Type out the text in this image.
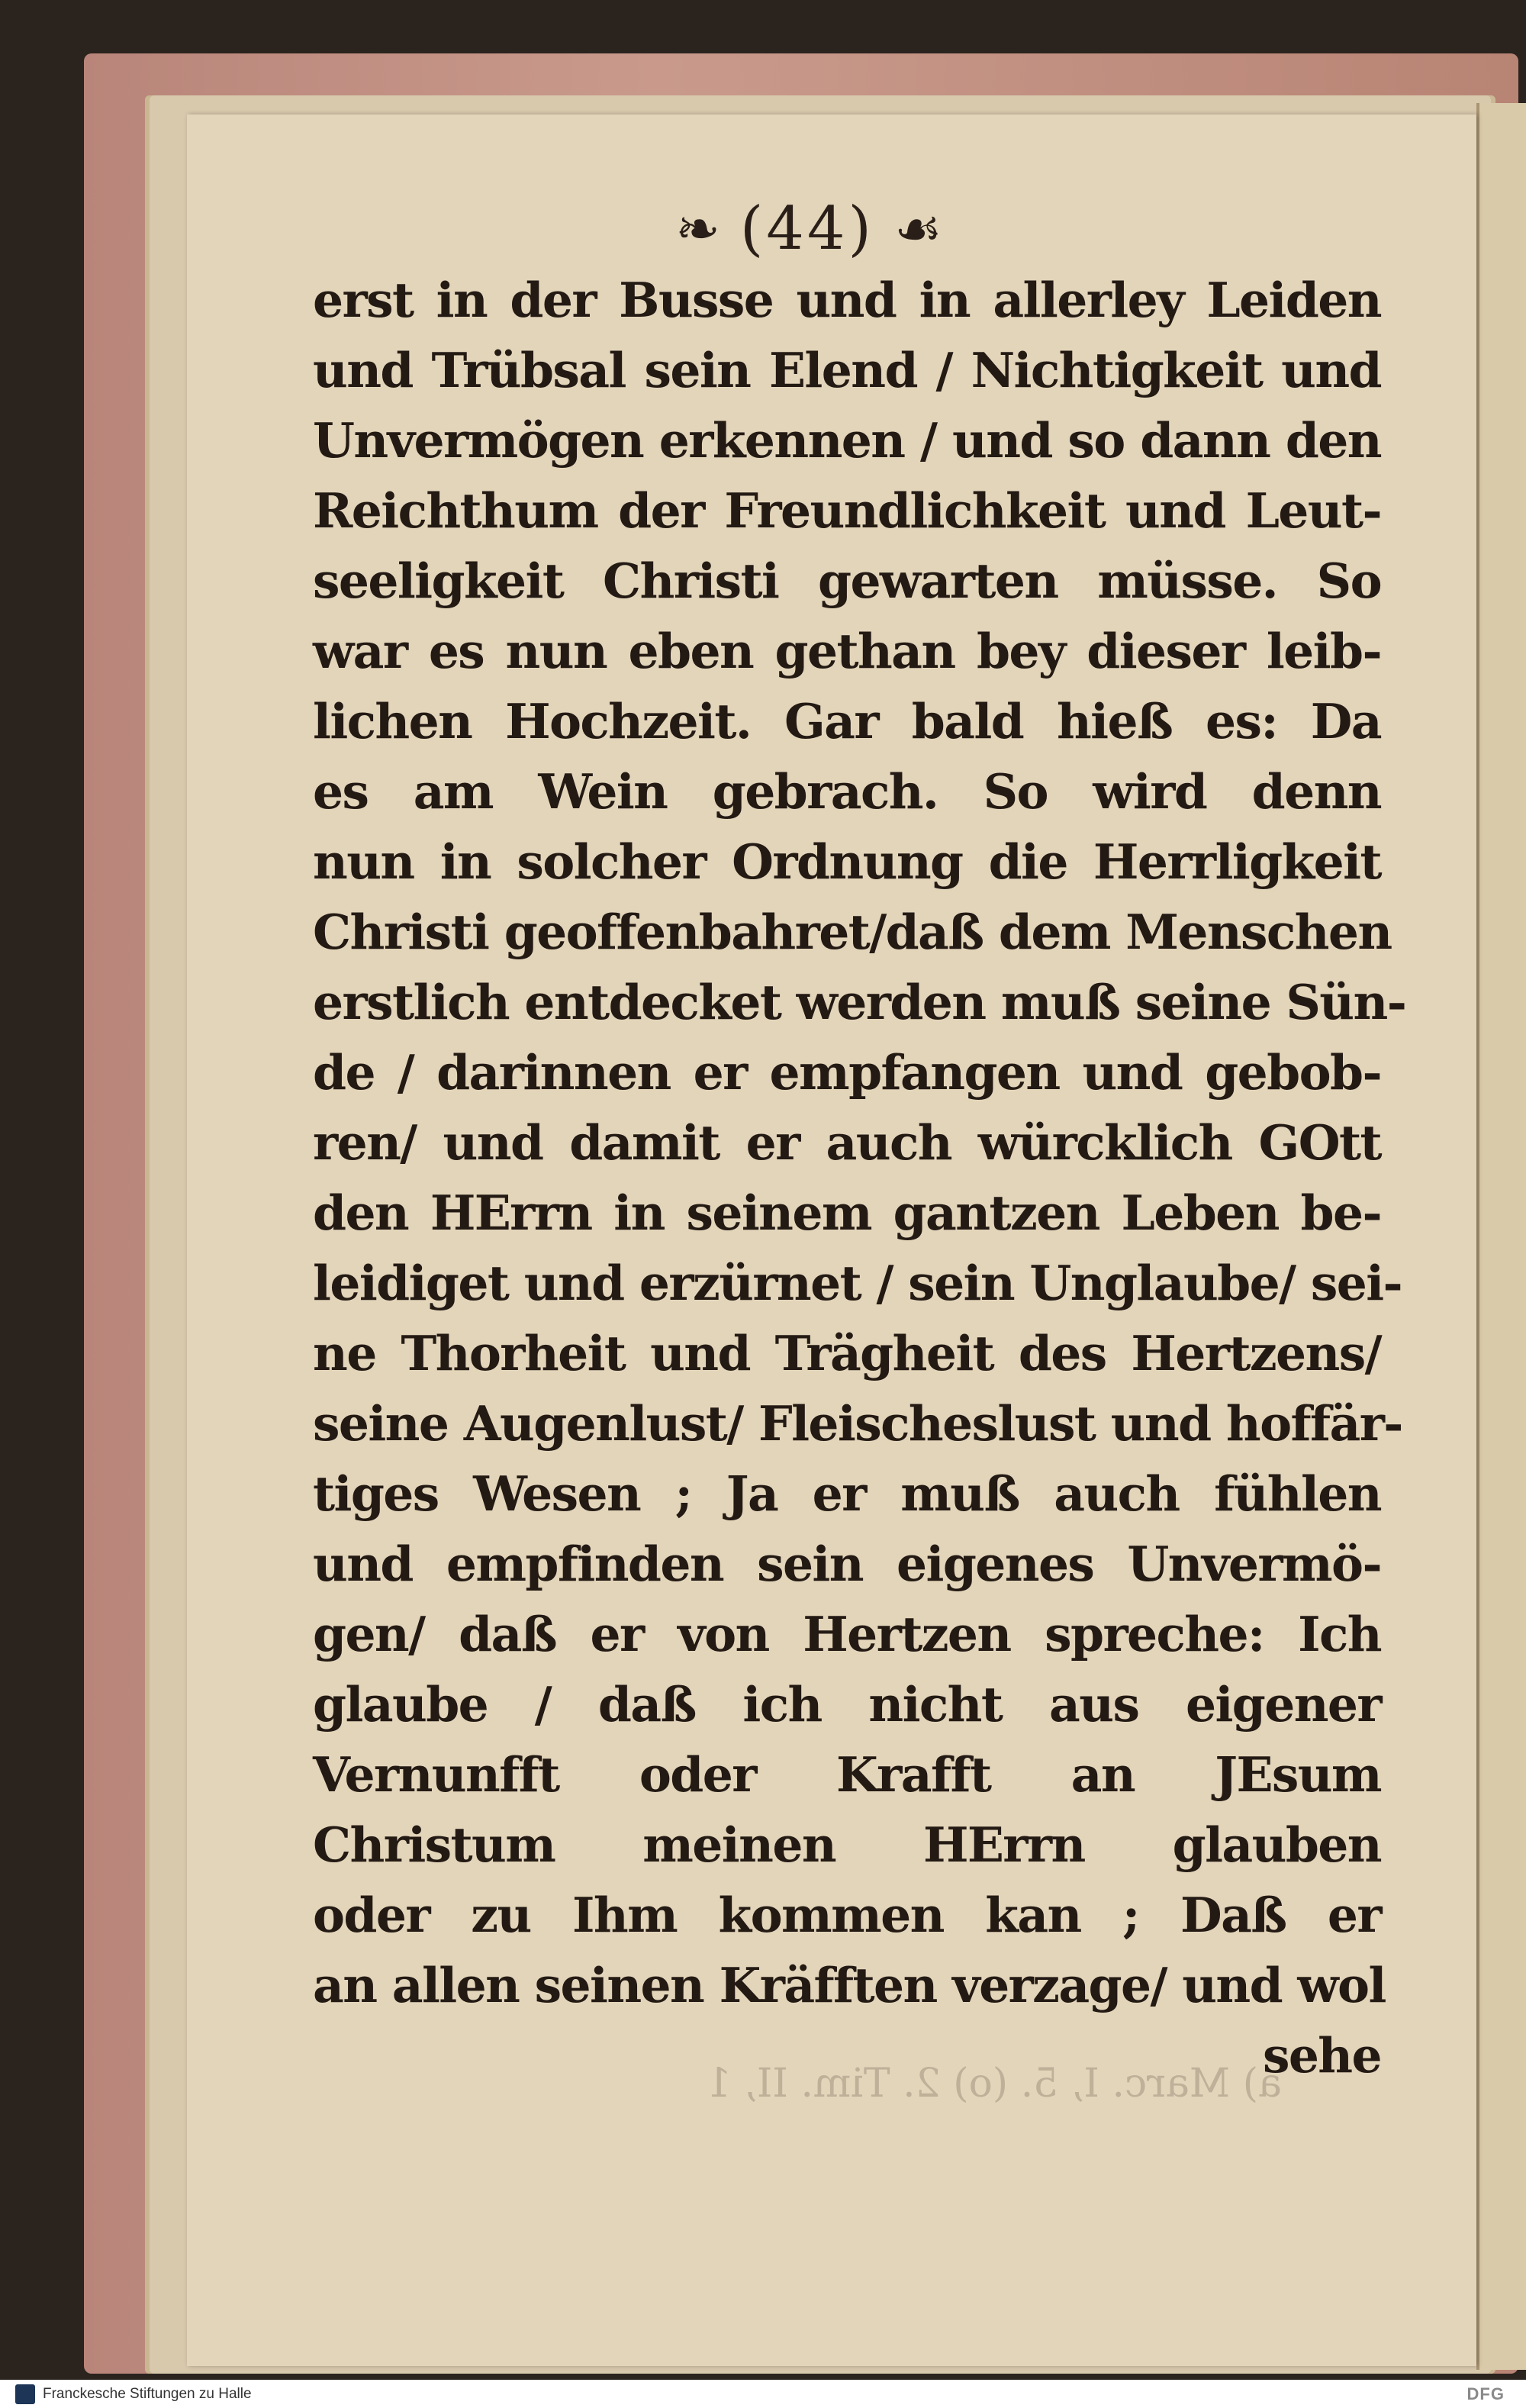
❧ (44) ☙
erst in der Busse und in allerley Leiden
und Trübsal sein Elend / Nichtigkeit und
Unvermögen erkennen / und so dann den
Reichthum der Freundlichkeit und Leut-
seeligkeit Christi gewarten müsse. So
war es nun eben gethan bey dieser leib-
lichen Hochzeit. Gar bald hieß es: Da
es am Wein gebrach. So wird denn
nun in solcher Ordnung die Herrligkeit
Christi geoffenbahret/daß dem Menschen
erstlich entdecket werden muß seine Sün-
de / darinnen er empfangen und gebob-
ren/ und damit er auch würcklich GOtt
den HErrn in seinem gantzen Leben be-
leidiget und erzürnet / sein Unglaube/ sei-
ne Thorheit und Trägheit des Hertzens/
seine Augenlust/ Fleischeslust und hoffär-
tiges Wesen ; Ja er muß auch fühlen
und empfinden sein eigenes Unvermö-
gen/ daß er von Hertzen spreche: Ich
glaube / daß ich nicht aus eigener
Vernunfft oder Krafft an JEsum
Christum meinen HErrn glauben
oder zu Ihm kommen kan ; Daß er
an allen seinen Kräfften verzage/ und wol
sehe
a) Marc. I, 5. (o) 2. Tim. II, 1
Franckesche Stiftungen zu Halle	DFG
